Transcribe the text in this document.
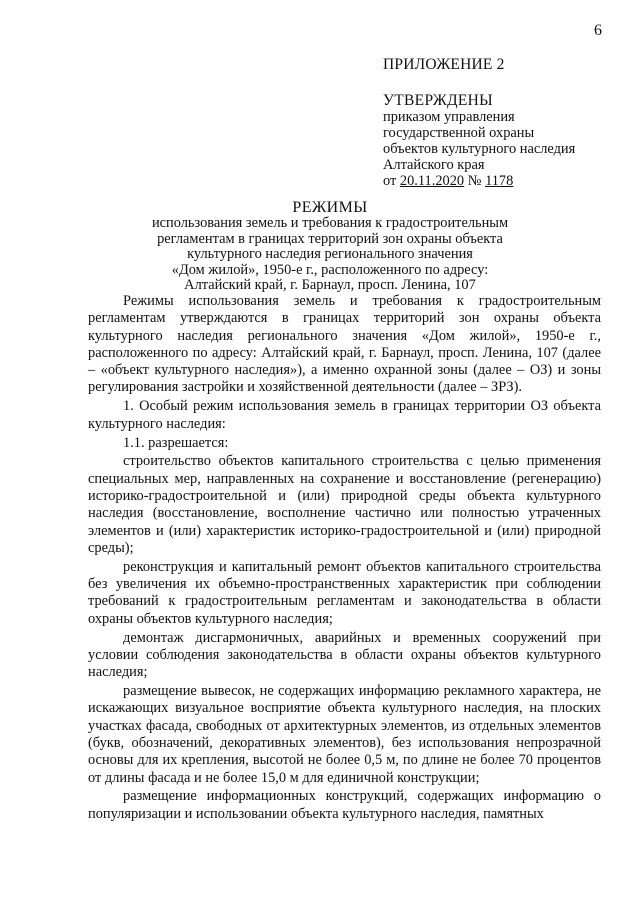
6
ПРИЛОЖЕНИЕ 2
УТВЕРЖДЕНЫ
приказом управления
государственной охраны
объектов культурного наследия
Алтайского края
от 20.11.2020 № 1178
РЕЖИМЫ
использования земель и требования к градостроительным
регламентам в границах территорий зон охраны объекта
культурного наследия регионального значения
«Дом жилой», 1950-е г., расположенного по адресу:
Алтайский край, г. Барнаул, просп. Ленина, 107

Режимы использования земель и требования к градостроительным регламентам утверждаются в границах территорий зон охраны объекта культурного наследия регионального значения «Дом жилой», 1950-е г., расположенного по адресу: Алтайский край, г. Барнаул, просп. Ленина, 107 (далее – «объект культурного наследия»), а именно охранной зоны (далее – ОЗ) и зоны регулирования застройки и хозяйственной деятельности (далее – ЗРЗ).

1. Особый режим использования земель в границах территории ОЗ объекта культурного наследия:

1.1. разрешается:

строительство объектов капитального строительства с целью применения специальных мер, направленных на сохранение и восстановление (регенерацию) историко-градостроительной и (или) природной среды объекта культурного наследия (восстановление, восполнение частично или полностью утраченных элементов и (или) характеристик историко-градостроительной и (или) природной среды);

реконструкция и капитальный ремонт объектов капитального строительства без увеличения их объемно-пространственных характеристик при соблюдении требований к градостроительным регламентам и законодательства в области охраны объектов культурного наследия;

демонтаж дисгармоничных, аварийных и временных сооружений при условии соблюдения законодательства в области охраны объектов культурного наследия;

размещение вывесок, не содержащих информацию рекламного характера, не искажающих визуальное восприятие объекта культурного наследия, на плоских участках фасада, свободных от архитектурных элементов, из отдельных элементов (букв, обозначений, декоративных элементов), без использования непрозрачной основы для их крепления, высотой не более 0,5 м, по длине не более 70 процентов от длины фасада и не более 15,0 м для единичной конструкции;

размещение информационных конструкций, содержащих информацию о популяризации и использовании объекта культурного наследия, памятных
